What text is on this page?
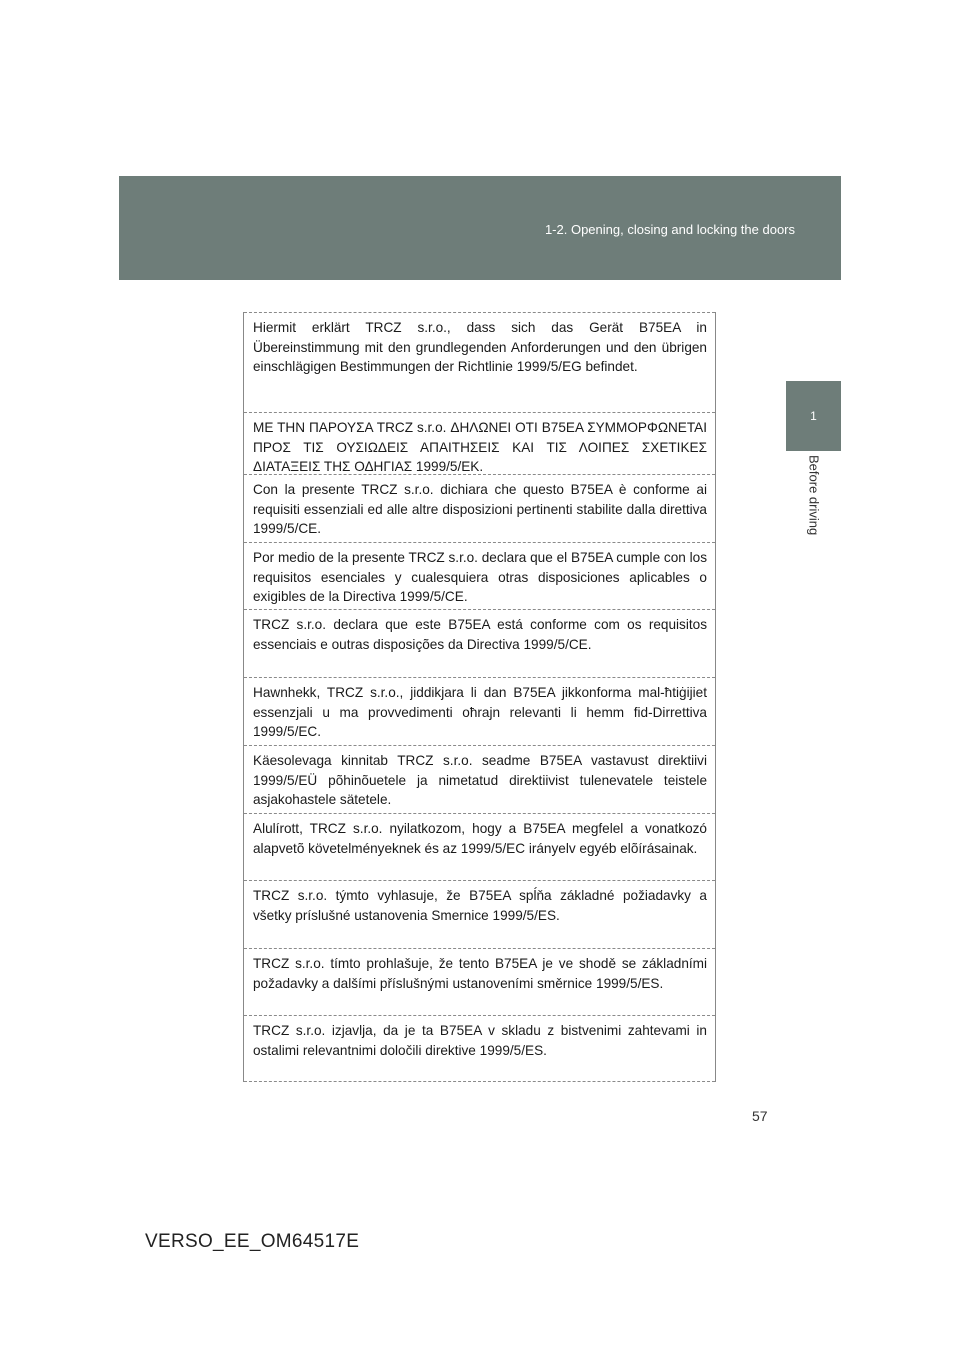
1-2. Opening, closing and locking the doors
1
Before driving

Hiermit erklärt TRCZ s.r.o., dass sich das Gerät B75EA in Übereinstimmung mit den grundlegenden Anforderungen und den übrigen einschlägigen Bestimmungen der Richtlinie 1999/5/EG befindet.

ΜΕ ΤΗΝ ΠΑΡΟΥΣΑ TRCZ s.r.o. ΔΗΛΩΝΕΙ ΟΤΙ B75EA ΣΥΜΜΟΡΦΩΝΕΤΑΙ ΠΡΟΣ ΤΙΣ ΟΥΣΙΩΔΕΙΣ ΑΠΑΙΤΗΣΕΙΣ ΚΑΙ ΤΙΣ ΛΟΙΠΕΣ ΣΧΕΤΙΚΕΣ ΔΙΑΤΑΞΕΙΣ ΤΗΣ ΟΔΗΓΙΑΣ 1999/5/ΕΚ.

Con la presente TRCZ s.r.o. dichiara che questo B75EA è conforme ai requisiti essenziali ed alle altre disposizioni pertinenti stabilite dalla direttiva 1999/5/CE.

Por medio de la presente TRCZ s.r.o. declara que el B75EA cumple con los requisitos esenciales y cualesquiera otras disposiciones aplicables o exigibles de la Directiva 1999/5/CE.

TRCZ s.r.o. declara que este B75EA está conforme com os requisitos essenciais e outras disposições da Directiva 1999/5/CE.

Hawnhekk, TRCZ s.r.o., jiddikjara li dan B75EA jikkonforma mal-ħtiġijiet essenzjali u ma provvedimenti oħrajn relevanti li hemm fid-Dirrettiva 1999/5/EC.

Käesolevaga kinnitab TRCZ s.r.o. seadme B75EA vastavust direktiivi 1999/5/EÜ põhinõuetele ja nimetatud direktiivist tulenevatele teistele asjakohastele sätetele.

Alulírott, TRCZ s.r.o. nyilatkozom, hogy a B75EA megfelel a vonatkozó alapvetõ követelményeknek és az 1999/5/EC irányelv egyéb elõírásainak.

TRCZ s.r.o. týmto vyhlasuje, že B75EA spĺňa základné požiadavky a všetky príslušné ustanovenia Smernice 1999/5/ES.

TRCZ s.r.o. tímto prohlašuje, že tento B75EA je ve shodě se základními požadavky a dalšími příslušnými ustanoveními směrnice 1999/5/ES.

TRCZ s.r.o. izjavlja, da je ta B75EA v skladu z bistvenimi zahtevami in ostalimi relevantnimi določili direktive 1999/5/ES.

57
VERSO_EE_OM64517E
